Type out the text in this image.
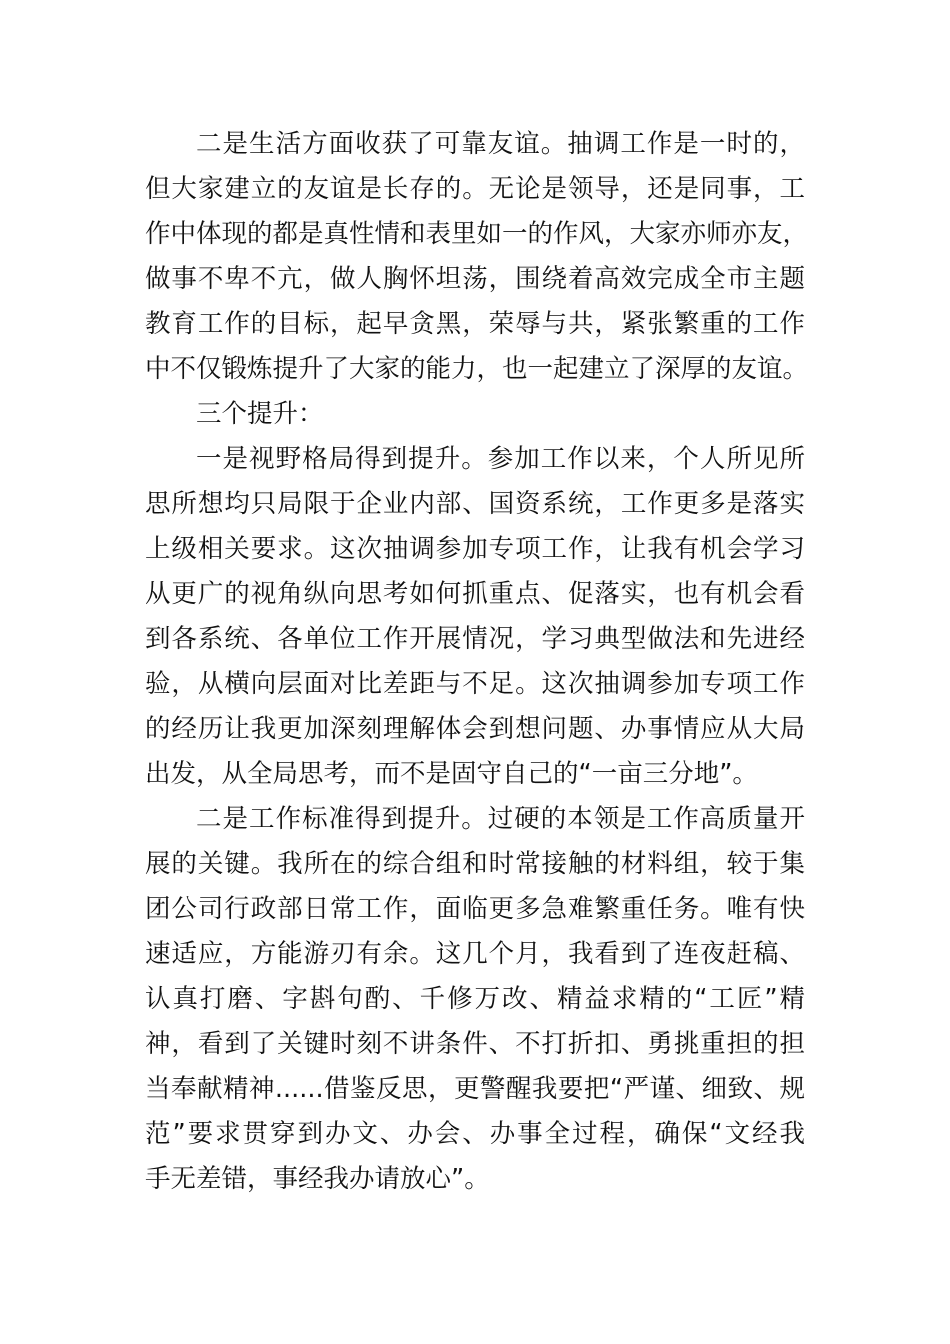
二是生活方面收获了可靠友谊。抽调工作是一时的，
但大家建立的友谊是长存的。无论是领导，还是同事，工
作中体现的都是真性情和表里如一的作风，大家亦师亦友，
做事不卑不亢，做人胸怀坦荡，围绕着高效完成全市主题
教育工作的目标，起早贪黑，荣辱与共，紧张繁重的工作
中不仅锻炼提升了大家的能力，也一起建立了深厚的友谊。
三个提升：
一是视野格局得到提升。参加工作以来，个人所见所
思所想均只局限于企业内部、国资系统，工作更多是落实
上级相关要求。这次抽调参加专项工作，让我有机会学习
从更广的视角纵向思考如何抓重点、促落实，也有机会看
到各系统、各单位工作开展情况，学习典型做法和先进经
验，从横向层面对比差距与不足。这次抽调参加专项工作
的经历让我更加深刻理解体会到想问题、办事情应从大局
出发，从全局思考，而不是固守自己的“一亩三分地”。
二是工作标准得到提升。过硬的本领是工作高质量开
展的关键。我所在的综合组和时常接触的材料组，较于集
团公司行政部日常工作，面临更多急难繁重任务。唯有快
速适应，方能游刃有余。这几个月，我看到了连夜赶稿、
认真打磨、字斟句酌、千修万改、精益求精的“工匠”精
神，看到了关键时刻不讲条件、不打折扣、勇挑重担的担
当奉献精神......借鉴反思，更警醒我要把“严谨、细致、规
范”要求贯穿到办文、办会、办事全过程，确保“文经我
手无差错，事经我办请放心”。
